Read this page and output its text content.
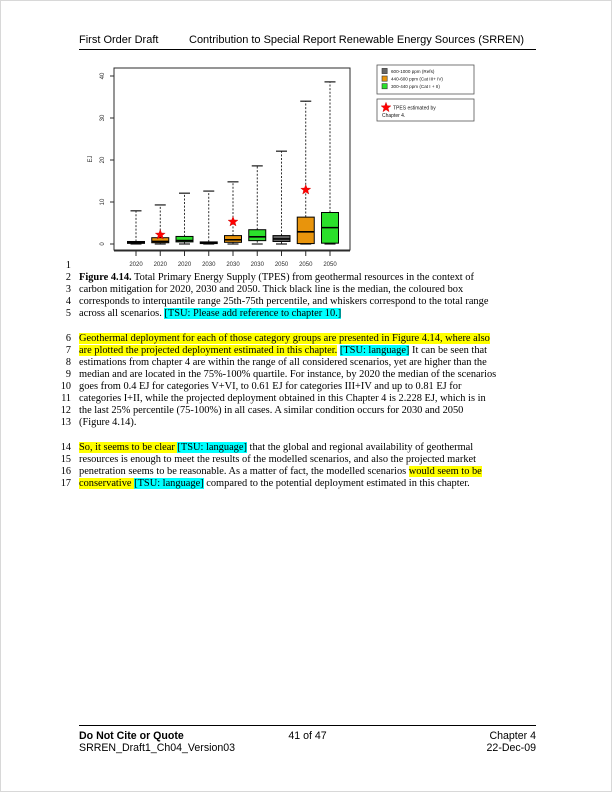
First Order Draft	Contribution to Special Report Renewable Energy Sources (SRREN)
0
10
20
30
40
EJ
2020 2020 2020 2030 2030 2030 2050 2050 2050
600-1000 ppm (Refs)
440-600 ppm (Cat III+ IV)
300-440 ppm (Cat I + II)
TPES estimated by
Chapter 4.
1
2
3
4
5
6
7
8
9
10
11
12
13
14
15
16
17
Figure 4.14. Total Primary Energy Supply (TPES) from geothermal resources in the context of
carbon mitigation for 2020, 2030 and 2050. Thick black line is the median, the coloured box
corresponds to interquantile range 25th-75th percentile, and whiskers correspond to the total range
across all scenarios. [TSU: Please add reference to chapter 10.]
Geothermal deployment for each of those category groups are presented in Figure 4.14, where also
are plotted the projected deployment estimated in this chapter. [TSU: language] It can be seen that
estimations from chapter 4 are within the range of all considered scenarios, yet are higher than the
median and are located in the 75%-100% quartile. For instance, by 2020 the median of the scenarios
goes from 0.4 EJ for categories V+VI, to 0.61 EJ for categories III+IV and up to 0.81 EJ for
categories I+II, while the projected deployment obtained in this Chapter 4 is 2.228 EJ, which is in
the last 25% percentile (75-100%) in all cases. A similar condition occurs for 2030 and 2050
(Figure 4.14).
So, it seems to be clear [TSU: language] that the global and regional availability of geothermal
resources is enough to meet the results of the modelled scenarios, and also the projected market
penetration seems to be reasonable. As a matter of fact, the modelled scenarios would seem to be
conservative [TSU: language] compared to the potential deployment estimated in this chapter.
Do Not Cite or Quote	41 of 47	Chapter 4
SRREN_Draft1_Ch04_Version03	22-Dec-09
